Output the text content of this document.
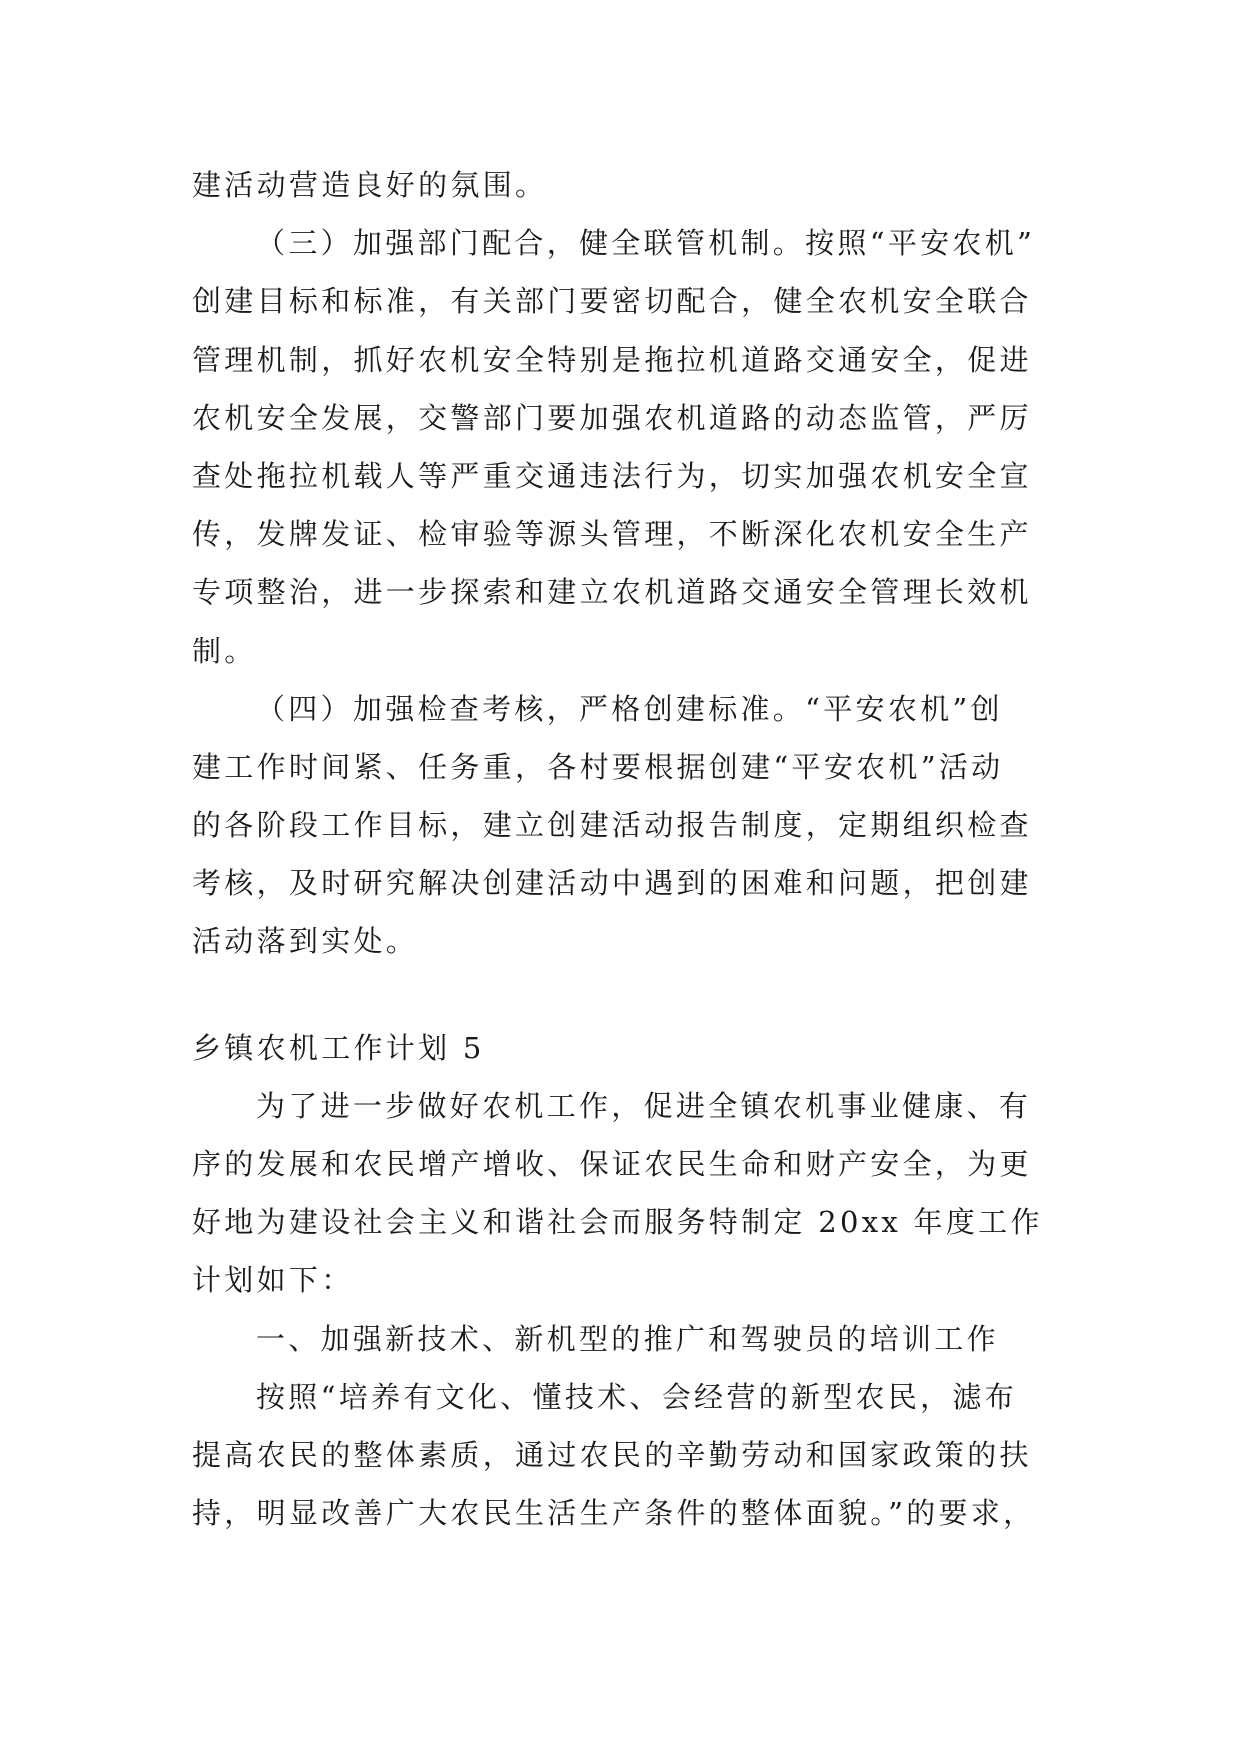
建活动营造良好的氛围。
（三）加强部门配合，健全联管机制。按照“平安农机”
创建目标和标准，有关部门要密切配合，健全农机安全联合
管理机制，抓好农机安全特别是拖拉机道路交通安全，促进
农机安全发展，交警部门要加强农机道路的动态监管，严厉
查处拖拉机载人等严重交通违法行为，切实加强农机安全宣
传，发牌发证、检审验等源头管理，不断深化农机安全生产
专项整治，进一步探索和建立农机道路交通安全管理长效机
制。
（四）加强检查考核，严格创建标准。“平安农机”创
建工作时间紧、任务重，各村要根据创建“平安农机”活动
的各阶段工作目标，建立创建活动报告制度，定期组织检查
考核，及时研究解决创建活动中遇到的困难和问题，把创建
活动落到实处。
乡镇农机工作计划 5
为了进一步做好农机工作，促进全镇农机事业健康、有
序的发展和农民增产增收、保证农民生命和财产安全，为更
好地为建设社会主义和谐社会而服务特制定 20xx 年度工作
计划如下：
一、加强新技术、新机型的推广和驾驶员的培训工作
按照“培养有文化、懂技术、会经营的新型农民，滤布
提高农民的整体素质，通过农民的辛勤劳动和国家政策的扶
持，明显改善广大农民生活生产条件的整体面貌。”的要求，
